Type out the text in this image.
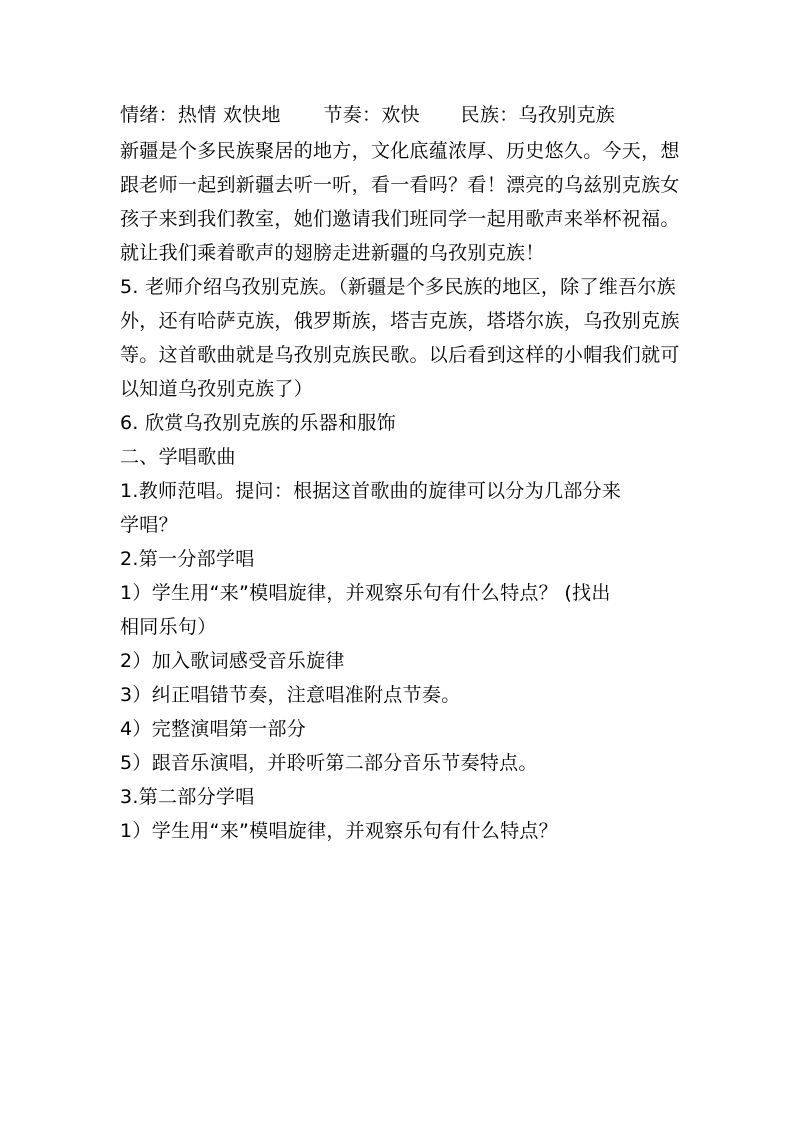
情绪：热情 欢快地 节奏：欢快 民族：乌孜别克族
新疆是个多民族聚居的地方，文化底蕴浓厚、历史悠久。今天，想
跟老师一起到新疆去听一听，看一看吗？看！漂亮的乌兹别克族女
孩子来到我们教室，她们邀请我们班同学一起用歌声来举杯祝福。
就让我们乘着歌声的翅膀走进新疆的乌孜别克族！
5. 老师介绍乌孜别克族。（新疆是个多民族的地区，除了维吾尔族
外，还有哈萨克族，俄罗斯族，塔吉克族，塔塔尔族，乌孜别克族
等。这首歌曲就是乌孜别克族民歌。以后看到这样的小帽我们就可
以知道乌孜别克族了）
6. 欣赏乌孜别克族的乐器和服饰
二、学唱歌曲
1.教师范唱。提问：根据这首歌曲的旋律可以分为几部分来
学唱？
2.第一分部学唱
1）学生用“来”模唱旋律，并观察乐句有什么特点？ (找出
相同乐句）
2）加入歌词感受音乐旋律
3）纠正唱错节奏，注意唱准附点节奏。
4）完整演唱第一部分
5）跟音乐演唱，并聆听第二部分音乐节奏特点。
3.第二部分学唱
1）学生用“来”模唱旋律，并观察乐句有什么特点？
